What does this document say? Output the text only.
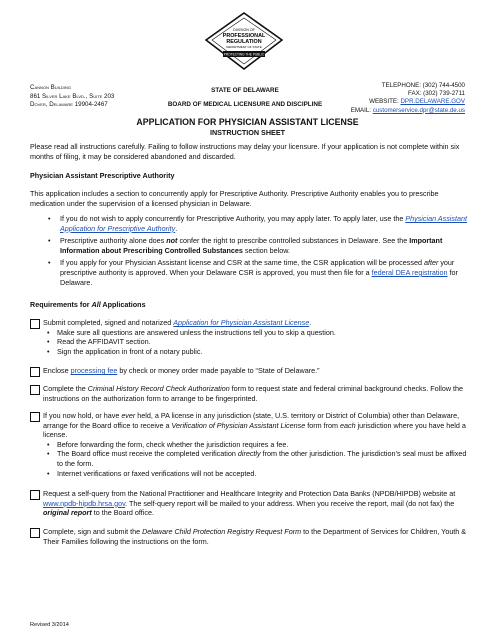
DIVISION OF
PROFESSIONAL
REGULATION
DEPARTMENT OF STATE
PROTECTING THE PUBLIC
Cannon Building
861 Silver Lake Blvd., Suite 203
Dover, Delaware 19904-2467
STATE OF DELAWARE
BOARD OF MEDICAL LICENSURE AND DISCIPLINE
TELEPHONE: (302) 744-4500
FAX: (302) 739-2711
WEBSITE: DPR.DELAWARE.GOV
EMAIL: customerservice.dpr@state.de.us
APPLICATION FOR PHYSICIAN ASSISTANT LICENSE
INSTRUCTION SHEET
Please read all instructions carefully. Failing to follow instructions may delay your licensure. If your application is not complete within six months of filing, it may be considered abandoned and discarded.
Physician Assistant Prescriptive Authority
This application includes a section to concurrently apply for Prescriptive Authority. Prescriptive Authority enables you to prescribe medication under the supervision of a licensed physician in Delaware.
• If you do not wish to apply concurrently for Prescriptive Authority, you may apply later. To apply later, use the Physician Assistant Application for Prescriptive Authority.
• Prescriptive authority alone does not confer the right to prescribe controlled substances in Delaware. See the Important Information about Prescribing Controlled Substances section below.
• If you apply for your Physician Assistant license and CSR at the same time, the CSR application will be processed after your prescriptive authority is approved. When your Delaware CSR is approved, you must then file for a federal DEA registration for Delaware.
Requirements for All Applications
Submit completed, signed and notarized Application for Physician Assistant License.
• Make sure all questions are answered unless the instructions tell you to skip a question.
• Read the AFFIDAVIT section.
• Sign the application in front of a notary public.
Enclose processing fee by check or money order made payable to “State of Delaware.”
Complete the Criminal History Record Check Authorization form to request state and federal criminal background checks. Follow the instructions on the authorization form to arrange to be fingerprinted.
If you now hold, or have ever held, a PA license in any jurisdiction (state, U.S. territory or District of Columbia) other than Delaware, arrange for the Board office to receive a Verification of Physician Assistant License form from each jurisdiction where you have held a license.
• Before forwarding the form, check whether the jurisdiction requires a fee.
• The Board office must receive the completed verification directly from the other jurisdiction. The jurisdiction’s seal must be affixed to the form.
• Internet verifications or faxed verifications will not be accepted.
Request a self-query from the National Practitioner and Healthcare Integrity and Protection Data Banks (NPDB/HIPDB) website at www.npdb-hipdb.hrsa.gov. The self-query report will be mailed to your address. When you receive the report, mail (do not fax) the original report to the Board office.
Complete, sign and submit the Delaware Child Protection Registry Request Form to the Department of Services for Children, Youth & Their Families following the instructions on the form.
Revised 3/2014
